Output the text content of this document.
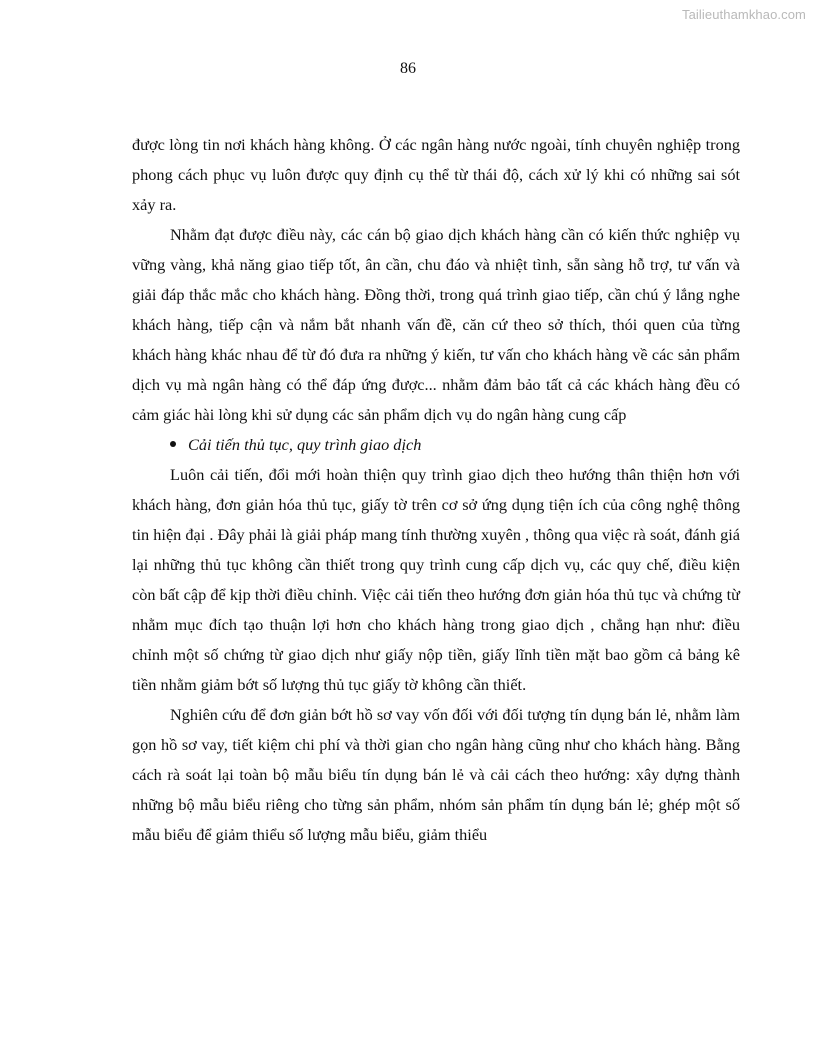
Tailieuthamkhao.com
86

được lòng tin nơi khách hàng không. Ở các ngân hàng nước ngoài, tính chuyên nghiệp trong phong cách phục vụ luôn được quy định cụ thể từ thái độ, cách xử lý khi có những sai sót xảy ra.

Nhằm đạt được điều này, các cán bộ giao dịch khách hàng cần có kiến thức nghiệp vụ vững vàng, khả năng giao tiếp tốt, ân cần, chu đáo và nhiệt tình, sẵn sàng hỗ trợ, tư vấn và giải đáp thắc mắc cho khách hàng. Đồng thời, trong quá trình giao tiếp, cần chú ý lắng nghe khách hàng, tiếp cận và nắm bắt nhanh vấn đề, căn cứ theo sở thích, thói quen của từng khách hàng khác nhau để từ đó đưa ra những ý kiến, tư vấn cho khách hàng về các sản phẩm dịch vụ mà ngân hàng có thể đáp ứng được... nhằm đảm bảo tất cả các khách hàng đều có cảm giác hài lòng khi sử dụng các sản phẩm dịch vụ do ngân hàng cung cấp

Cải tiến thủ tục, quy trình giao dịch

Luôn cải tiến, đổi mới hoàn thiện quy trình giao dịch theo hướng thân thiện hơn với khách hàng, đơn giản hóa thủ tục, giấy tờ trên cơ sở ứng dụng tiện ích của công nghệ thông tin hiện đại . Đây phải là giải pháp mang tính thường xuyên , thông qua việc rà soát, đánh giá lại những thủ tục không cần thiết trong quy trình cung cấp dịch vụ, các quy chế, điều kiện còn bất cập để kịp thời điều chỉnh. Việc cải tiến theo hướng đơn giản hóa thủ tục và chứng từ nhằm mục đích tạo thuận lợi hơn cho khách hàng trong giao dịch , chẳng hạn như: điều chỉnh một số chứng từ giao dịch như giấy nộp tiền, giấy lĩnh tiền mặt bao gồm cả bảng kê tiền nhằm giảm bớt số lượng thủ tục giấy tờ không cần thiết.

Nghiên cứu để đơn giản bớt hồ sơ vay vốn đối với đối tượng tín dụng bán lẻ, nhằm làm gọn hồ sơ vay, tiết kiệm chi phí và thời gian cho ngân hàng cũng như cho khách hàng. Bằng cách rà soát lại toàn bộ mẫu biểu tín dụng bán lẻ và cải cách theo hướng: xây dựng thành những bộ mẫu biểu riêng cho từng sản phẩm, nhóm sản phẩm tín dụng bán lẻ; ghép một số mẫu biểu để giảm thiểu số lượng mẫu biểu, giảm thiểu
